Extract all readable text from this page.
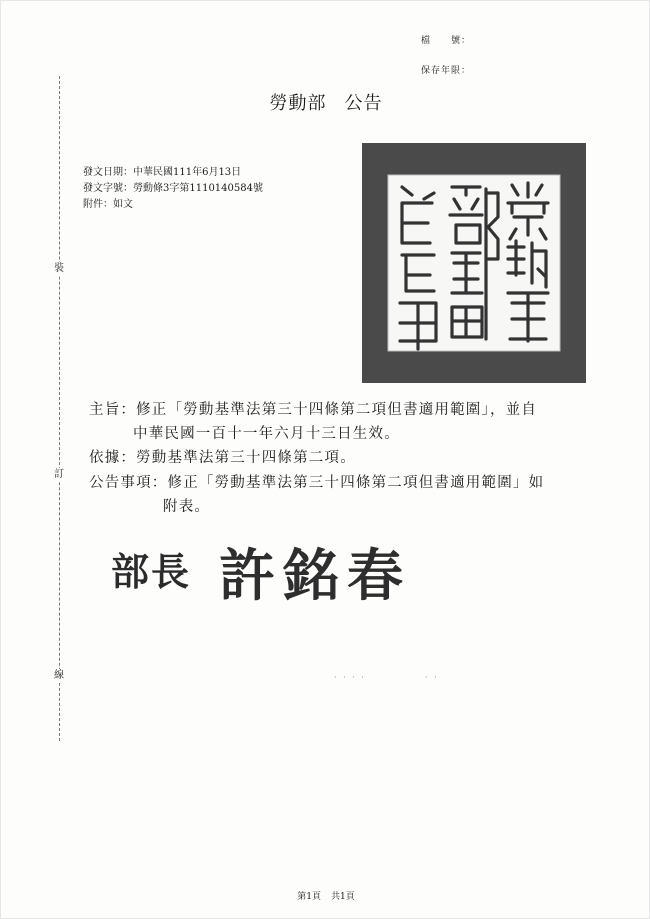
檔　　號：
保存年限：
裝
訂
線
勞動部 公告
發文日期：中華民國111年6月13日
發文字號：勞動條3字第1110140584號
附件：如文
主旨：修正「勞動基準法第三十四條第二項但書適用範圍」，並自
中華民國一百十一年六月十三日生效。
依據：勞動基準法第三十四條第二項。
公告事項：修正「勞動基準法第三十四條第二項但書適用範圍」如
附表。
部長 許銘春
· · · ·	· ·
第1頁 共1頁
